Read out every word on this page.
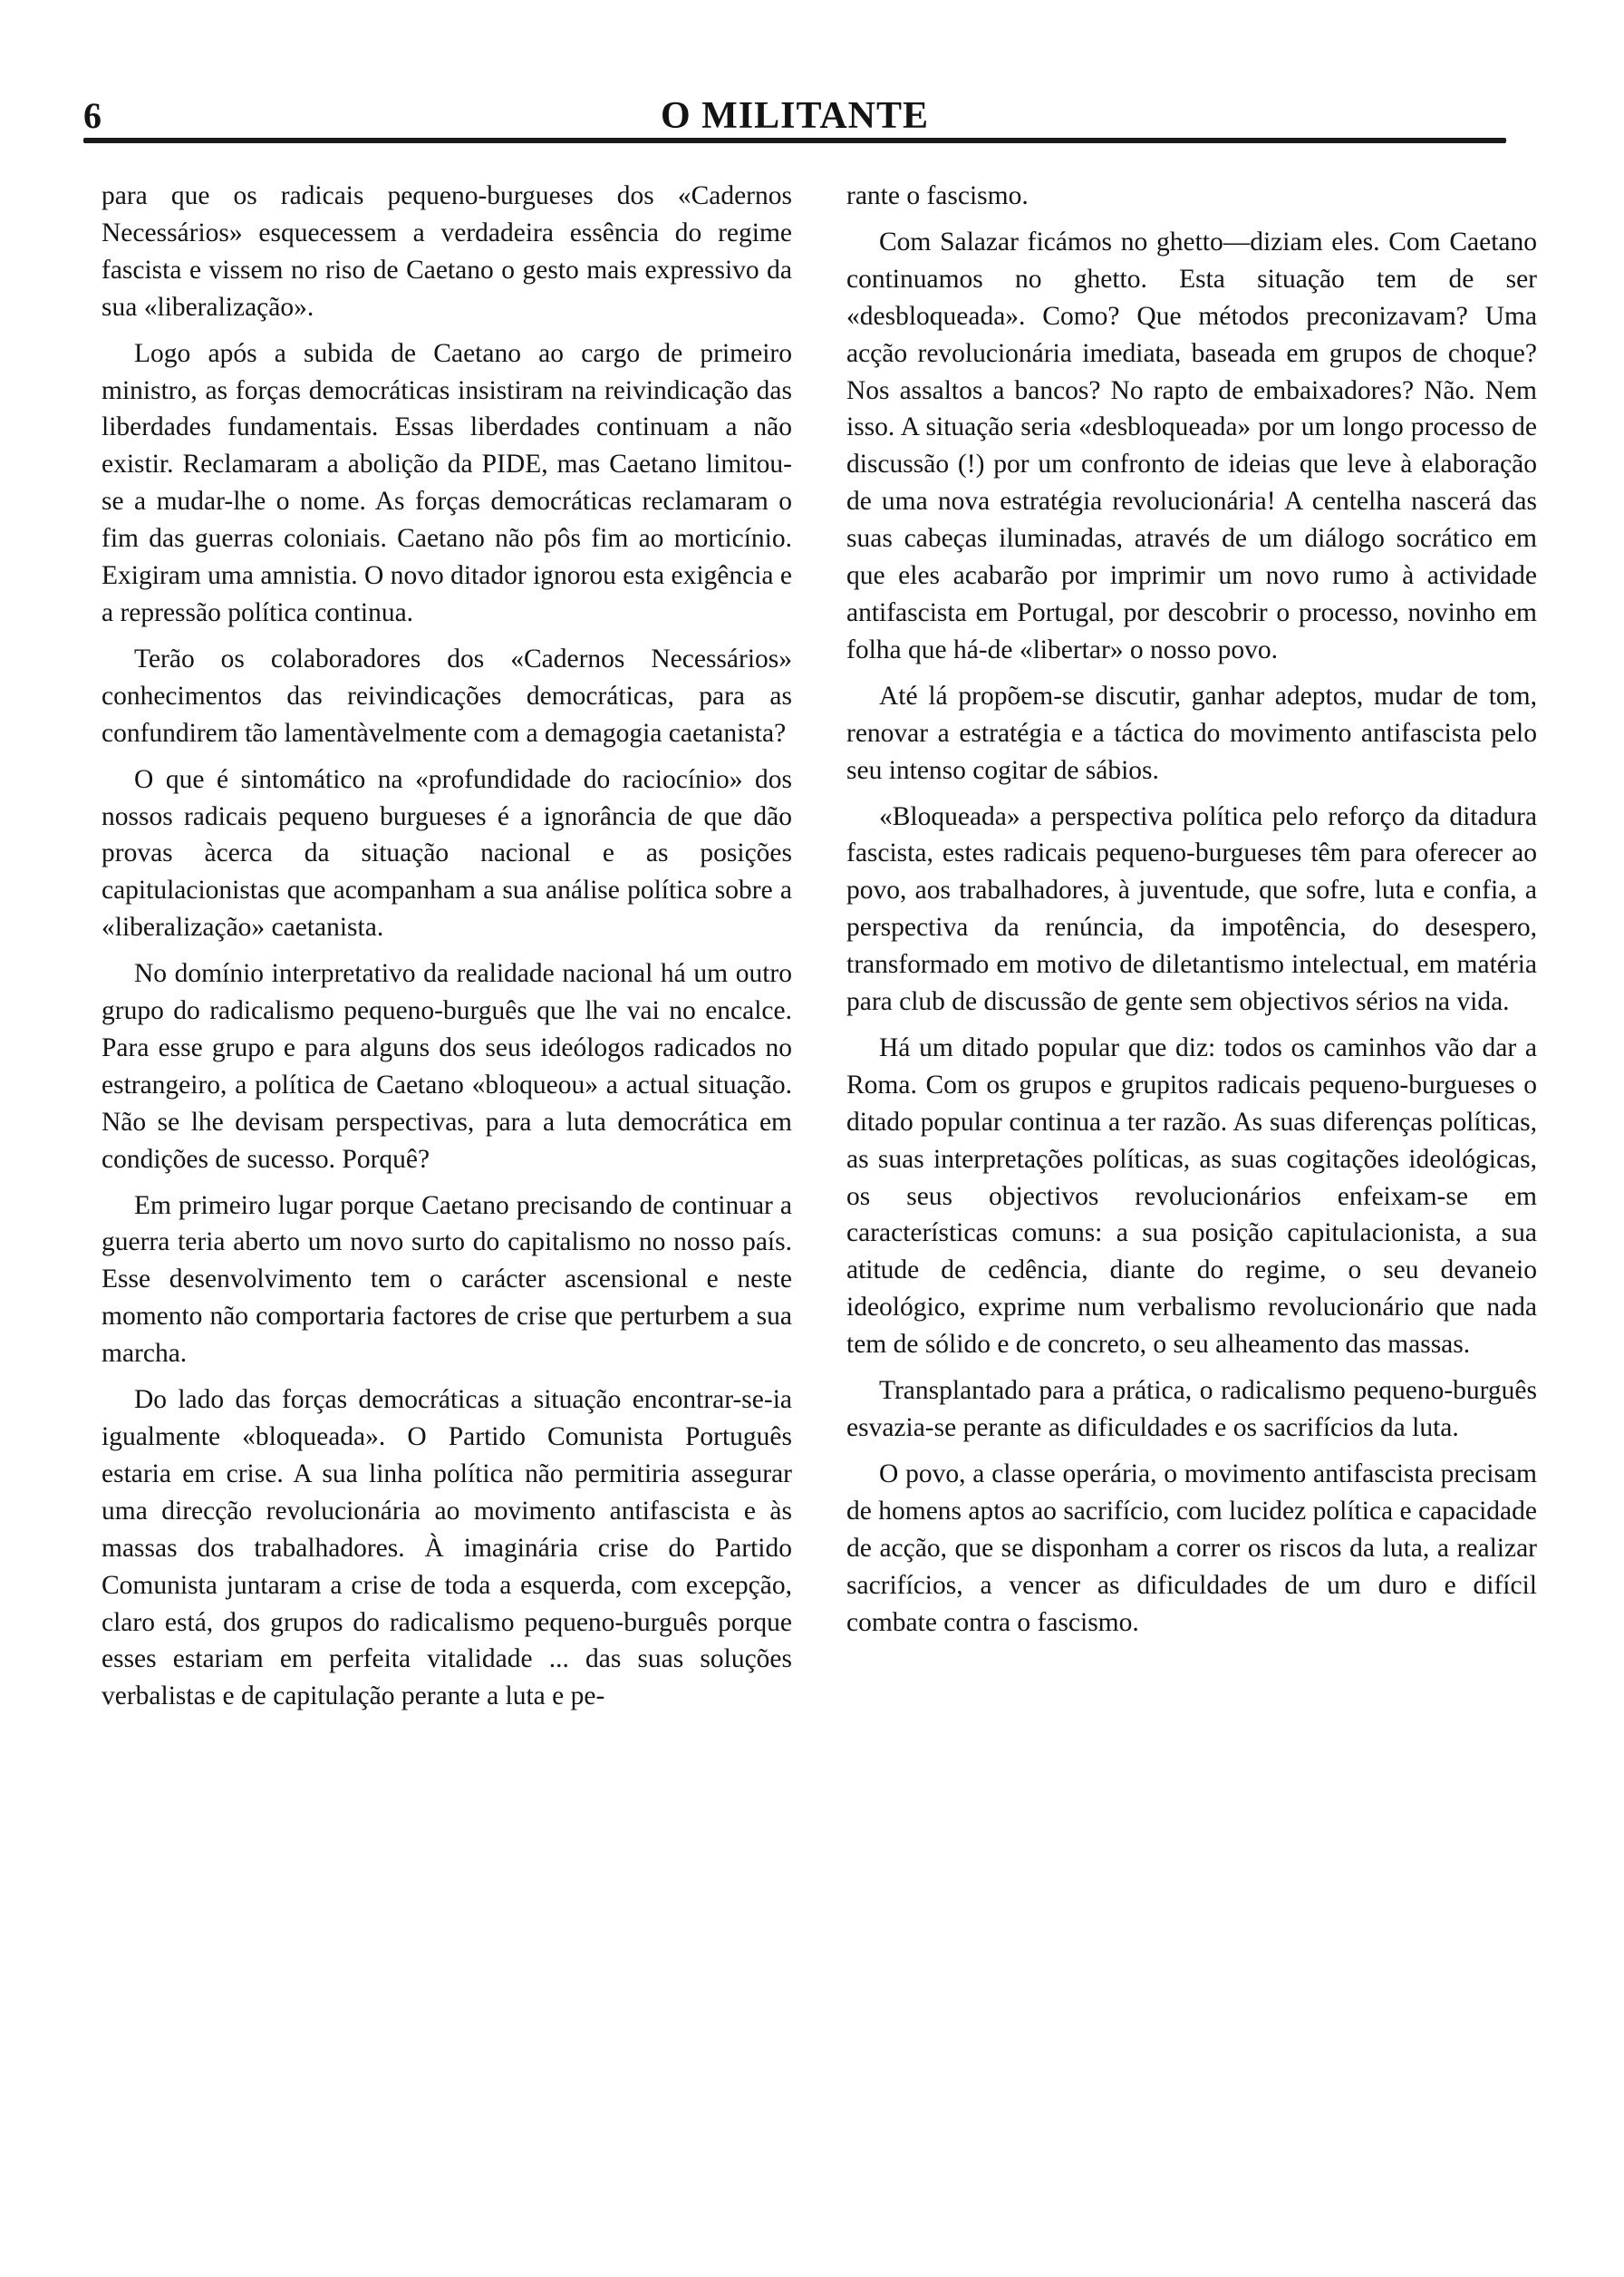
6	O MILITANTE

para que os radicais pequeno-burgueses dos «Cadernos Necessários» esquecessem a verdadeira essência do regime fascista e vissem no riso de Caetano o gesto mais expressivo da sua «liberalização».

Logo após a subida de Caetano ao cargo de primeiro ministro, as forças democráticas insistiram na reivindicação das liberdades fundamentais. Essas liberdades continuam a não existir. Reclamaram a abolição da PIDE, mas Caetano limitou-se a mudar-lhe o nome. As forças democráticas reclamaram o fim das guerras coloniais. Caetano não pôs fim ao morticínio. Exigiram uma amnistia. O novo ditador ignorou esta exigência e a repressão política continua.

Terão os colaboradores dos «Cadernos Necessários» conhecimentos das reivindicações democráticas, para as confundirem tão lamentàvelmente com a demagogia caetanista?

O que é sintomático na «profundidade do raciocínio» dos nossos radicais pequeno burgueses é a ignorância de que dão provas àcerca da situação nacional e as posições capitulacionistas que acompanham a sua análise política sobre a «liberalização» caetanista.

No domínio interpretativo da realidade nacional há um outro grupo do radicalismo pequeno-burguês que lhe vai no encalce. Para esse grupo e para alguns dos seus ideólogos radicados no estrangeiro, a política de Caetano «bloqueou» a actual situação. Não se lhe devisam perspectivas, para a luta democrática em condições de sucesso. Porquê?

Em primeiro lugar porque Caetano precisando de continuar a guerra teria aberto um novo surto do capitalismo no nosso país. Esse desenvolvimento tem o carácter ascensional e neste momento não comportaria factores de crise que perturbem a sua marcha.

Do lado das forças democráticas a situação encontrar-se-ia igualmente «bloqueada». O Partido Comunista Português estaria em crise. A sua linha política não permitiria assegurar uma direcção revolucionária ao movimento antifascista e às massas dos trabalhadores. À imaginária crise do Partido Comunista juntaram a crise de toda a esquerda, com excepção, claro está, dos grupos do radicalismo pequeno-burguês porque esses estariam em perfeita vitalidade ... das suas soluções verbalistas e de capitulação perante a luta e pe-

rante o fascismo.

Com Salazar ficámos no ghetto—diziam eles. Com Caetano continuamos no ghetto. Esta situação tem de ser «desbloqueada». Como? Que métodos preconizavam? Uma acção revolucionária imediata, baseada em grupos de choque? Nos assaltos a bancos? No rapto de embaixadores? Não. Nem isso. A situação seria «desbloqueada» por um longo processo de discussão (!) por um confronto de ideias que leve à elaboração de uma nova estratégia revolucionária! A centelha nascerá das suas cabeças iluminadas, através de um diálogo socrático em que eles acabarão por imprimir um novo rumo à actividade antifascista em Portugal, por descobrir o processo, novinho em folha que há-de «libertar» o nosso povo.

Até lá propõem-se discutir, ganhar adeptos, mudar de tom, renovar a estratégia e a táctica do movimento antifascista pelo seu intenso cogitar de sábios.

«Bloqueada» a perspectiva política pelo reforço da ditadura fascista, estes radicais pequeno-burgueses têm para oferecer ao povo, aos trabalhadores, à juventude, que sofre, luta e confia, a perspectiva da renúncia, da impotência, do desespero, transformado em motivo de diletantismo intelectual, em matéria para club de discussão de gente sem objectivos sérios na vida.

Há um ditado popular que diz: todos os caminhos vão dar a Roma. Com os grupos e grupitos radicais pequeno-burgueses o ditado popular continua a ter razão. As suas diferenças políticas, as suas interpretações políticas, as suas cogitações ideológicas, os seus objectivos revolucionários enfeixam-se em características comuns: a sua posição capitulacionista, a sua atitude de cedência, diante do regime, o seu devaneio ideológico, exprime num verbalismo revolucionário que nada tem de sólido e de concreto, o seu alheamento das massas.

Transplantado para a prática, o radicalismo pequeno-burguês esvazia-se perante as dificuldades e os sacrifícios da luta.

O povo, a classe operária, o movimento antifascista precisam de homens aptos ao sacrifício, com lucidez política e capacidade de acção, que se disponham a correr os riscos da luta, a realizar sacrifícios, a vencer as dificuldades de um duro e difícil combate contra o fascismo.
